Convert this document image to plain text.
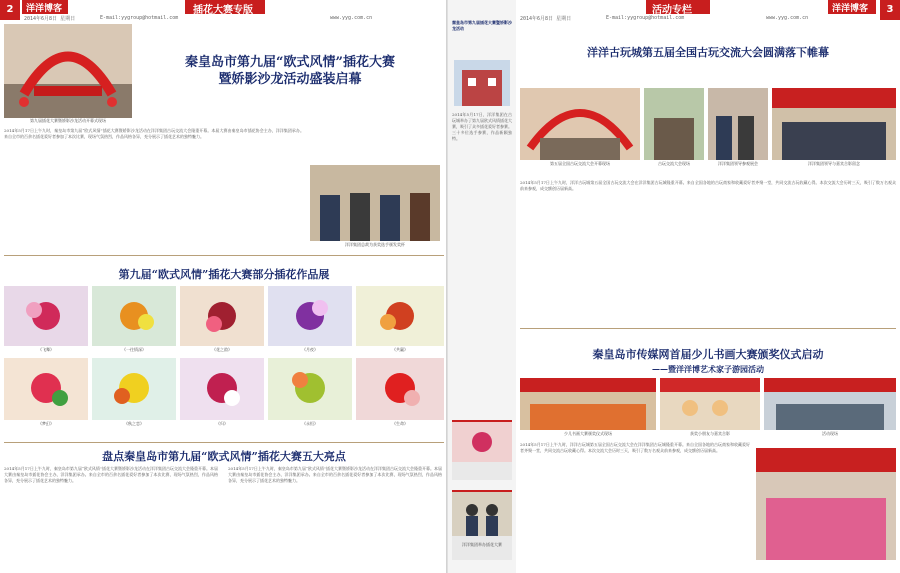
2	洋洋博客
2014年6月8日 星期日	E-mail:yygroup@hotmail.com
插花大赛专版
www.yyg.com.cn
第九届插花大赛暨娇影沙龙活动开幕式现场
秦皇岛市第九届“欧式风情”插花大赛
暨娇影沙龙活动盛装启幕
2014年5月17日上午九时，秦皇岛市第九届“欧式风情”插花大赛暨娇影沙龙活动在洋洋集团古玩交流大会隆重开幕。本届大赛由秦皇岛市插花协会主办，洋洋集团承办。来自全市的百余名插花爱好者参加了本次比赛，现场气氛热烈，作品风格各异，充分展示了插花艺术的独特魅力。
洋洋集团总裁为获奖选手颁发奖杯
第九届“欧式风情”插花大赛部分插花作品展
《飞舞》	《一往情深》	《花之韵》	《月夜》	《共赢》
《梦幻》	《秋之恋》	《归》	《永恒》	《生命》
盘点秦皇岛市第九届“欧式风情”插花大赛五大亮点
2014年5月17日上午九时，秦皇岛市第九届“欧式风情”插花大赛暨娇影沙龙活动在洋洋集团古玩交流大会隆重开幕。本届大赛由秦皇岛市插花协会主办，洋洋集团承办。来自全市的百余名插花爱好者参加了本次比赛，现场气氛热烈，作品风格各异，充分展示了插花艺术的独特魅力。
2014年5月17日上午九时，秦皇岛市第九届“欧式风情”插花大赛暨娇影沙龙活动在洋洋集团古玩交流大会隆重开幕。本届大赛由秦皇岛市插花协会主办，洋洋集团承办。来自全市的百余名插花爱好者参加了本次比赛，现场气氛热烈，作品风格各异，充分展示了插花艺术的独特魅力。
秦皇岛市第九届插花大赛暨娇影沙龙活动
2014年5月17日，洋洋集团在古玩城举办了第九届欧式风情插花大赛，吸引了众多插花爱好者参赛。三十多位选手参赛，作品新颖独特。
洋洋集团举办插花大赛
2014年6月8日 星期日	E-mail:yygroup@hotmail.com
活动专栏	洋洋博客
www.yyg.com.cn
3
洋洋古玩城第五届全国古玩交流大会圆满落下帷幕
第五届全国古玩交流大会开幕现场	古玩交流大会现场	洋洋集团领导参观展会	洋洋集团领导与嘉宾合影留念
2014年5月17日上午九时，洋洋古玩城第五届全国古玩交流大会在洋洋集团古玩城隆重开幕。来自全国各地的古玩商家和收藏爱好者齐聚一堂，共同交流古玩收藏心得。本次交流大会历时三天，吸引了数万名观众前来参观，成交额创历届新高。
秦皇岛市传媒网首届少儿书画大赛颁奖仪式启动
——暨洋洋博艺术家子游园活动
少儿书画大赛颁奖仪式现场	获奖小朋友与嘉宾合影	活动现场
2014年5月17日上午九时，洋洋古玩城第五届全国古玩交流大会在洋洋集团古玩城隆重开幕。来自全国各地的古玩商家和收藏爱好者齐聚一堂，共同交流古玩收藏心得。本次交流大会历时三天，吸引了数万名观众前来参观，成交额创历届新高。
